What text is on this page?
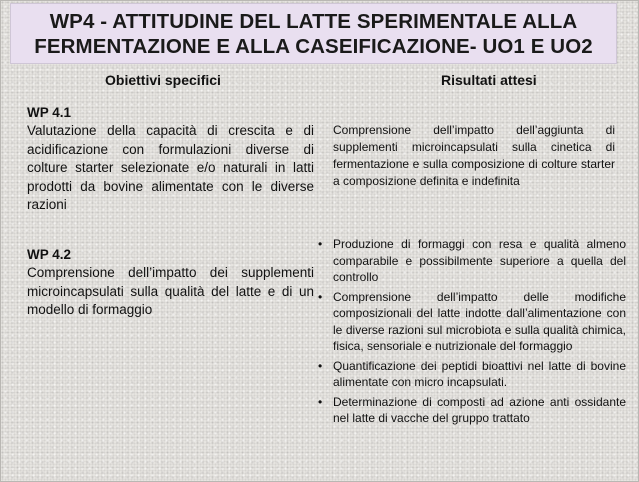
WP4 - ATTITUDINE DEL LATTE SPERIMENTALE ALLA
FERMENTAZIONE E ALLA CASEIFICAZIONE- UO1 E UO2
Obiettivi specifici	Risultati attesi
WP 4.1
Valutazione della capacità di crescita e di acidificazione con formulazioni diverse di colture starter selezionate e/o naturali in latti prodotti da bovine alimentate con le diverse razioni
Comprensione dell’impatto dell’aggiunta di supplementi microincapsulati sulla cinetica di fermentazione e sulla composizione di colture starter a composizione definita e indefinita
WP 4.2
Comprensione dell’impatto dei supplementi microincapsulati sulla qualità del latte e di un modello di formaggio
• Produzione di formaggi con resa e qualità almeno comparabile e possibilmente superiore a quella del controllo
• Comprensione dell’impatto delle modifiche composizionali del latte indotte dall’alimentazione con le diverse razioni sul microbiota e sulla qualità chimica, fisica, sensoriale e nutrizionale del formaggio
• Quantificazione dei peptidi bioattivi nel latte di bovine alimentate con micro incapsulati.
• Determinazione di composti ad azione anti ossidante nel latte di vacche del gruppo trattato
